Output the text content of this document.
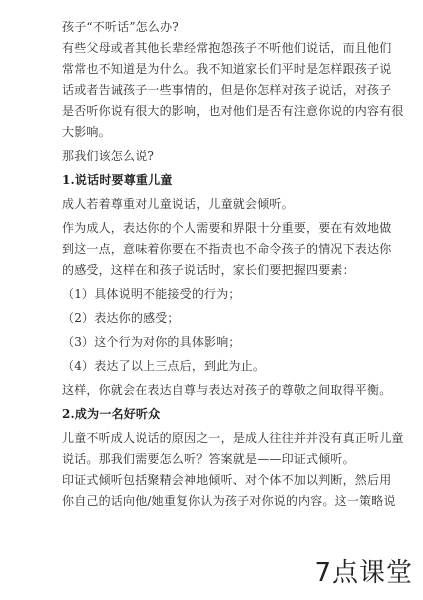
孩子“不听话”怎么办?
有些父母或者其他长辈经常抱怨孩子不听他们说话，而且他们
常常也不知道是为什么。我不知道家长们平时是怎样跟孩子说
话或者告诫孩子一些事情的，但是你怎样对孩子说话，对孩子
是否听你说有很大的影响，也对他们是否有注意你说的内容有很
大影响。
那我们该怎么说?
1.说话时要尊重儿童
成人若着尊重对儿童说话，儿童就会倾听。
作为成人，表达你的个人需要和界限十分重要，要在有效地做
到这一点，意味着你要在不指责也不命令孩子的情况下表达你
的感受，这样在和孩子说话时，家长们要把握四要素：
（1）具体说明不能接受的行为；
（2）表达你的感受；
（3）这个行为对你的具体影响；
（4）表达了以上三点后，到此为止。
这样，你就会在表达自尊与表达对孩子的尊敬之间取得平衡。
2.成为一名好听众
儿童不听成人说话的原因之一，是成人往往并并没有真正听儿童
说话。那我们需要怎么听？答案就是——印证式倾听。
印证式倾听包括聚精会神地倾听、对个体不加以判断，然后用
你自己的话向他/她重复你认为孩子对你说的内容。这一策略说
7点课堂
